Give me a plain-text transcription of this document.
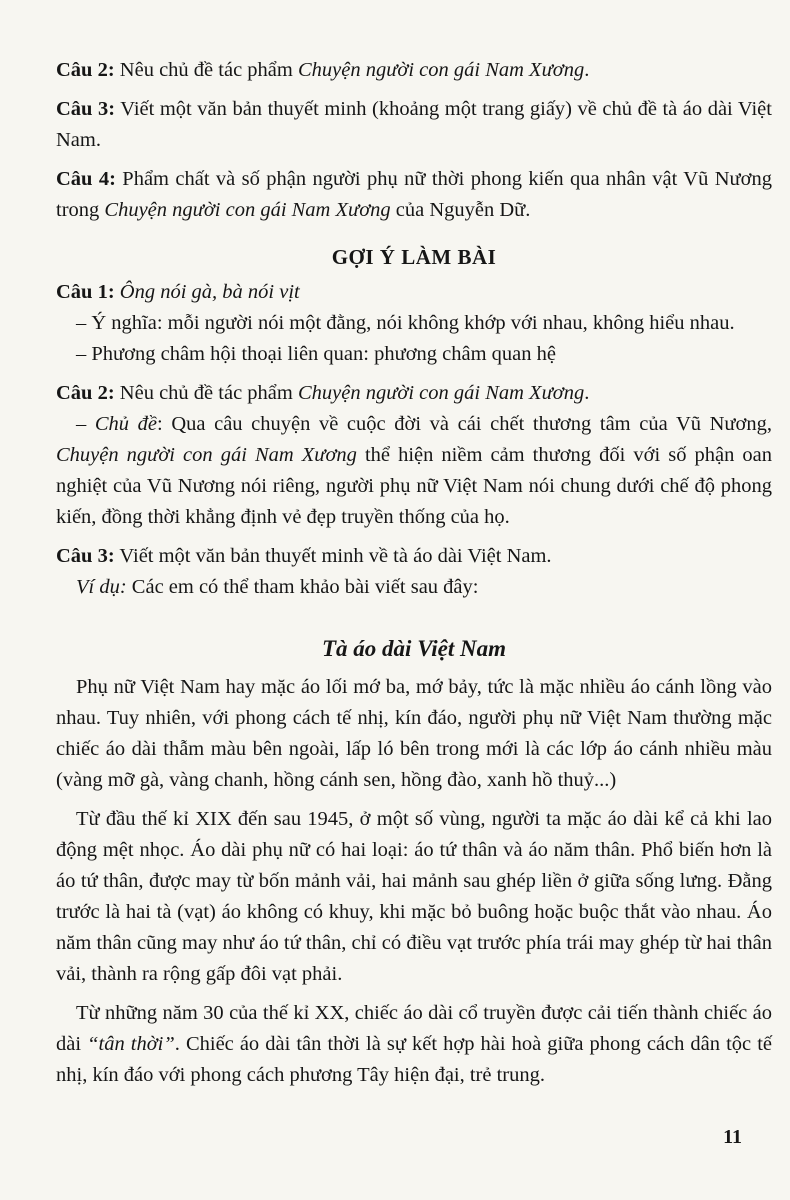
Câu 2: Nêu chủ đề tác phẩm Chuyện người con gái Nam Xương.

Câu 3: Viết một văn bản thuyết minh (khoảng một trang giấy) về chủ đề tà áo dài Việt Nam.

Câu 4: Phẩm chất và số phận người phụ nữ thời phong kiến qua nhân vật Vũ Nương trong Chuyện người con gái Nam Xương của Nguyễn Dữ.

GỢI Ý LÀM BÀI

Câu 1: Ông nói gà, bà nói vịt

– Ý nghĩa: mỗi người nói một đằng, nói không khớp với nhau, không hiểu nhau.

– Phương châm hội thoại liên quan: phương châm quan hệ

Câu 2: Nêu chủ đề tác phẩm Chuyện người con gái Nam Xương.

– Chủ đề: Qua câu chuyện về cuộc đời và cái chết thương tâm của Vũ Nương, Chuyện người con gái Nam Xương thể hiện niềm cảm thương đối với số phận oan nghiệt của Vũ Nương nói riêng, người phụ nữ Việt Nam nói chung dưới chế độ phong kiến, đồng thời khẳng định vẻ đẹp truyền thống của họ.

Câu 3: Viết một văn bản thuyết minh về tà áo dài Việt Nam.

Ví dụ: Các em có thể tham khảo bài viết sau đây:

Tà áo dài Việt Nam

Phụ nữ Việt Nam hay mặc áo lối mớ ba, mớ bảy, tức là mặc nhiều áo cánh lồng vào nhau. Tuy nhiên, với phong cách tế nhị, kín đáo, người phụ nữ Việt Nam thường mặc chiếc áo dài thẫm màu bên ngoài, lấp ló bên trong mới là các lớp áo cánh nhiều màu (vàng mỡ gà, vàng chanh, hồng cánh sen, hồng đào, xanh hồ thuỷ...)

Từ đầu thế kỉ XIX đến sau 1945, ở một số vùng, người ta mặc áo dài kể cả khi lao động mệt nhọc. Áo dài phụ nữ có hai loại: áo tứ thân và áo năm thân. Phổ biến hơn là áo tứ thân, được may từ bốn mảnh vải, hai mảnh sau ghép liền ở giữa sống lưng. Đằng trước là hai tà (vạt) áo không có khuy, khi mặc bỏ buông hoặc buộc thắt vào nhau. Áo năm thân cũng may như áo tứ thân, chỉ có điều vạt trước phía trái may ghép từ hai thân vải, thành ra rộng gấp đôi vạt phải.

Từ những năm 30 của thế kỉ XX, chiếc áo dài cổ truyền được cải tiến thành chiếc áo dài “tân thời”. Chiếc áo dài tân thời là sự kết hợp hài hoà giữa phong cách dân tộc tế nhị, kín đáo với phong cách phương Tây hiện đại, trẻ trung.

11
